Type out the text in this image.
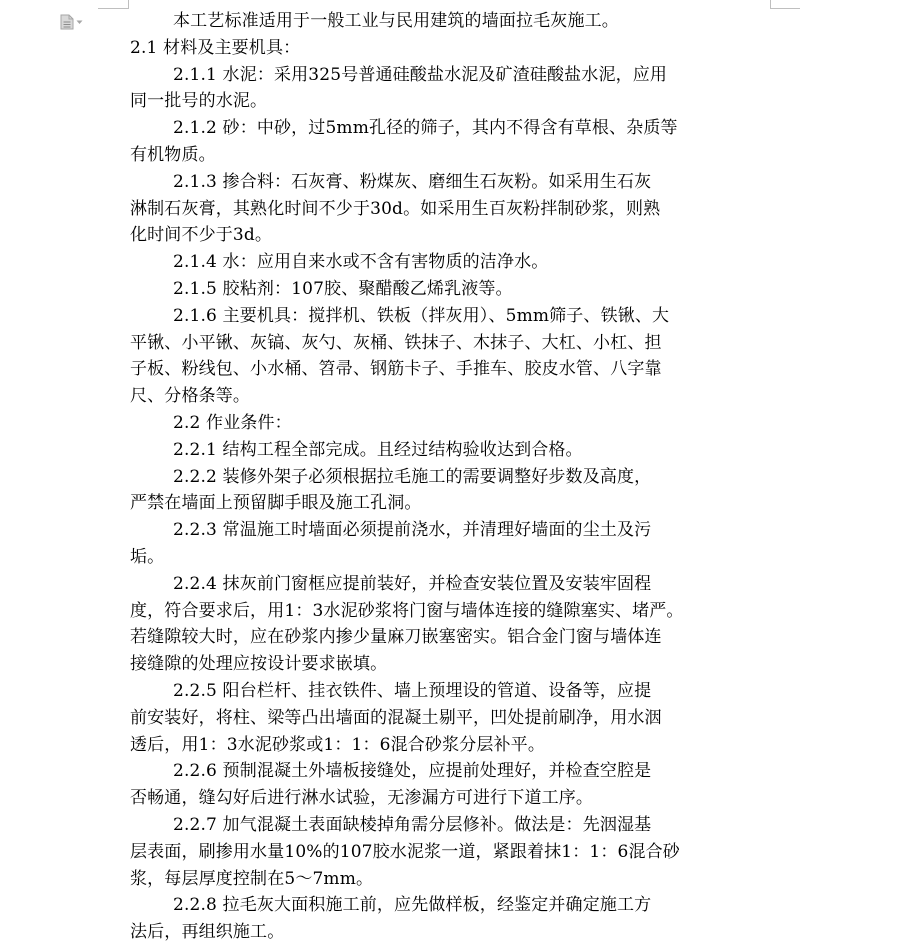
本工艺标准适用于一般工业与民用建筑的墙面拉毛灰施工。
2.1 材料及主要机具：
2.1.1 水泥：采用325号普通硅酸盐水泥及矿渣硅酸盐水泥，应用
同一批号的水泥。
2.1.2 砂：中砂，过5mm孔径的筛子，其内不得含有草根、杂质等
有机物质。
2.1.3 掺合料：石灰膏、粉煤灰、磨细生石灰粉。如采用生石灰
淋制石灰膏，其熟化时间不少于30d。如采用生百灰粉拌制砂浆，则熟
化时间不少于3d。
2.1.4 水：应用自来水或不含有害物质的洁净水。
2.1.5 胶粘剂：107胶、聚醋酸乙烯乳液等。
2.1.6 主要机具：搅拌机、铁板（拌灰用）、5mm筛子、铁锹、大
平锹、小平锹、灰镐、灰勺、灰桶、铁抹子、木抹子、大杠、小杠、担
子板、粉线包、小水桶、笤帚、钢筋卡子、手推车、胶皮水管、八字靠
尺、分格条等。
2.2 作业条件：
2.2.1 结构工程全部完成。且经过结构验收达到合格。
2.2.2 装修外架子必须根据拉毛施工的需要调整好步数及高度，
严禁在墙面上预留脚手眼及施工孔洞。
2.2.3 常温施工时墙面必须提前浇水，并清理好墙面的尘土及污
垢。
2.2.4 抹灰前门窗框应提前装好，并检查安装位置及安装牢固程
度，符合要求后，用1：3水泥砂浆将门窗与墙体连接的缝隙塞实、堵严。
若缝隙较大时，应在砂浆内掺少量麻刀嵌塞密实。铝合金门窗与墙体连
接缝隙的处理应按设计要求嵌填。
2.2.5 阳台栏杆、挂衣铁件、墙上预埋设的管道、设备等，应提
前安装好，将柱、梁等凸出墙面的混凝土剔平，凹处提前刷净，用水洇
透后，用1：3水泥砂浆或1：1：6混合砂浆分层补平。
2.2.6 预制混凝土外墙板接缝处，应提前处理好，并检查空腔是
否畅通，缝勾好后进行淋水试验，无渗漏方可进行下道工序。
2.2.7 加气混凝土表面缺棱掉角需分层修补。做法是：先洇湿基
层表面，刷掺用水量10%的107胶水泥浆一道，紧跟着抹1：1：6混合砂
浆，每层厚度控制在5～7mm。
2.2.8 拉毛灰大面积施工前，应先做样板，经鉴定并确定施工方
法后，再组织施工。
